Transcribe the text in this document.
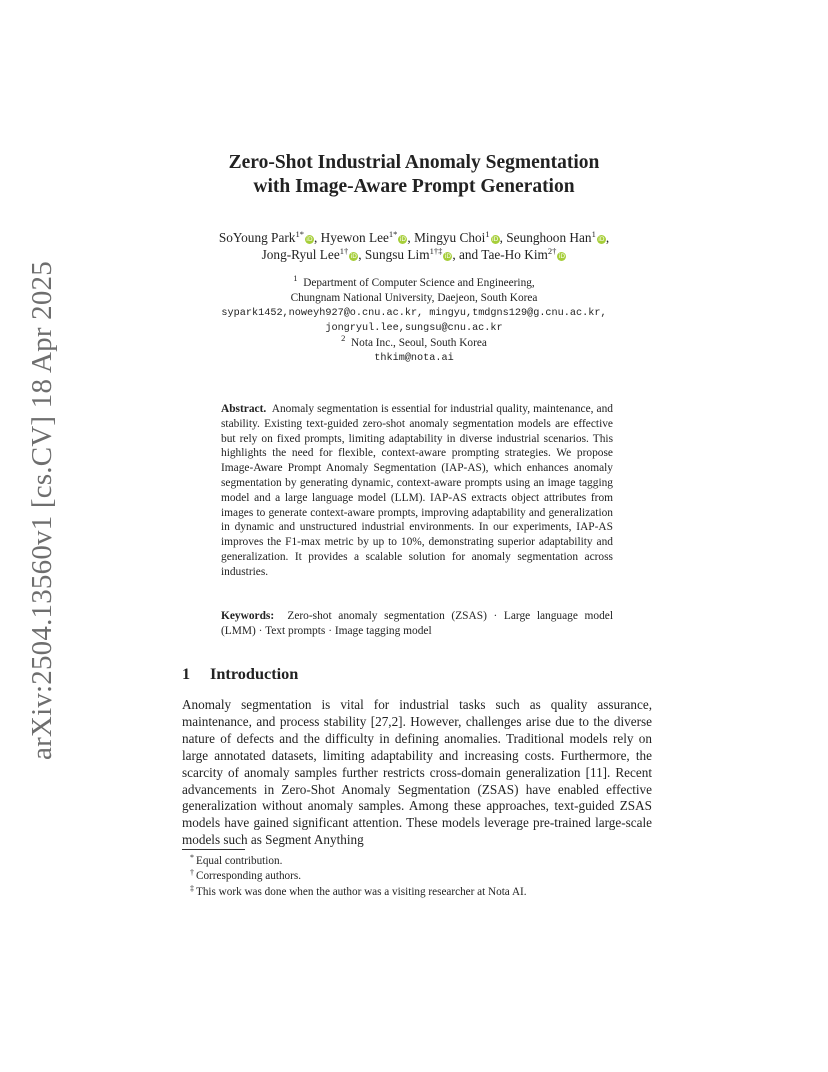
arXiv:2504.13560v1 [cs.CV] 18 Apr 2025
Zero-Shot Industrial Anomaly Segmentation
with Image-Aware Prompt Generation
SoYoung Park$^{1*}$iD, Hyewon Lee$^{1*}$iD, Mingyu Choi$^1$iD, Seunghoon Han$^1$iD,
Jong-Ryul Lee$^{1\dagger}$iD, Sungsu Lim$^{1\dagger\ddagger}$iD, and Tae-Ho Kim$^{2\dagger}$iD
$^1$ Department of Computer Science and Engineering,
Chungnam National University, Daejeon, South Korea
sypark1452,noweyh927@o.cnu.ac.kr, mingyu,tmdgns129@g.cnu.ac.kr,
jongryul.lee,sungsu@cnu.ac.kr
$^2$ Nota Inc., Seoul, South Korea
thkim@nota.ai
Abstract. Anomaly segmentation is essential for industrial quality, maintenance, and stability. Existing text-guided zero-shot anomaly segmentation models are effective but rely on fixed prompts, limiting adaptability in diverse industrial scenarios. This highlights the need for flexible, context-aware prompting strategies. We propose Image-Aware Prompt Anomaly Segmentation (IAP-AS), which enhances anomaly segmentation by generating dynamic, context-aware prompts using an image tagging model and a large language model (LLM). IAP-AS extracts object attributes from images to generate context-aware prompts, improving adaptability and generalization in dynamic and unstructured industrial environments. In our experiments, IAP-AS improves the F1-max metric by up to 10%, demonstrating superior adaptability and generalization. It provides a scalable solution for anomaly segmentation across industries.
Keywords: Zero-shot anomaly segmentation (ZSAS) · Large language model (LMM) · Text prompts · Image tagging model
1 Introduction
Anomaly segmentation is vital for industrial tasks such as quality assurance, maintenance, and process stability [27,2]. However, challenges arise due to the diverse nature of defects and the difficulty in defining anomalies. Traditional models rely on large annotated datasets, limiting adaptability and increasing costs. Furthermore, the scarcity of anomaly samples further restricts cross-domain generalization [11]. Recent advancements in Zero-Shot Anomaly Segmentation (ZSAS) have enabled effective generalization without anomaly samples. Among these approaches, text-guided ZSAS models have gained significant attention. These models leverage pre-trained large-scale models such as Segment Anything
* Equal contribution.
† Corresponding authors.
‡ This work was done when the author was a visiting researcher at Nota AI.
